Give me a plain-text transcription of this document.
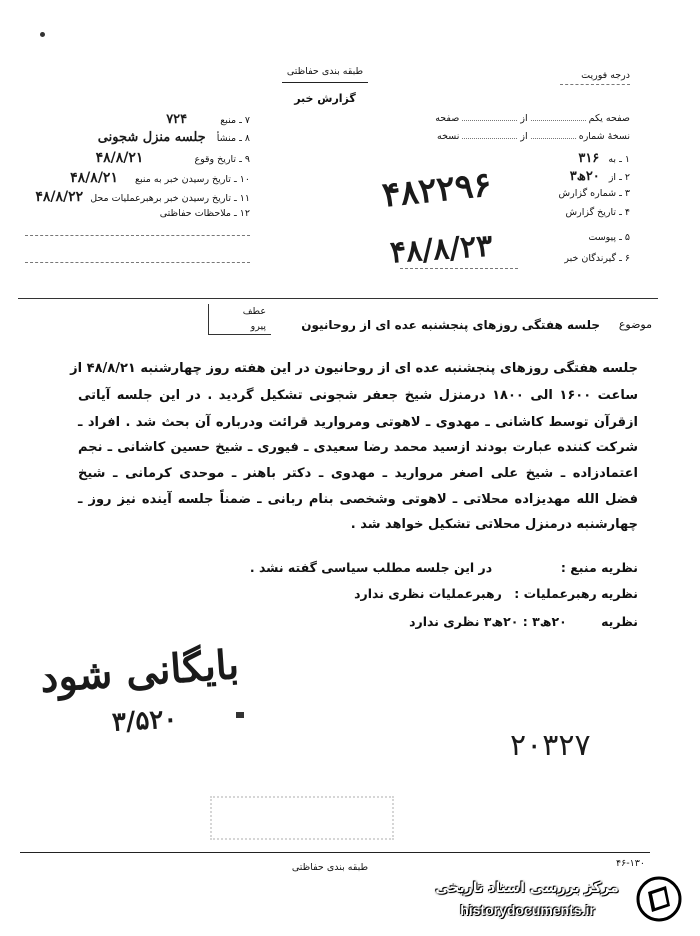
طبقه بندی حفاظتی
گزارش خبر
درجه فوریت
صفحه یکم  از  صفحه
نسخهٔ شماره  از  نسخه
۱ ـ به ۳۱۶
۲ ـ از ۲۰ھ۳
۳ ـ شماره گزارش
۴ ـ تاریخ گزارش
۵ ـ پیوست
۶ ـ گیرندگان خبر
۴۸۲۲۹۶
۴۸/۸/۲۳
۷ ـ منبع ۷۲۴
۸ ـ منشأ جلسه منزل شجونی
۹ ـ تاریخ وقوع ۴۸/۸/۲۱
۱۰ ـ تاریخ رسیدن خبر به منبع ۴۸/۸/۲۱
۱۱ ـ تاریخ رسیدن خبر برهبرعملیات محل ۴۸/۸/۲۲
۱۲ ـ ملاحظات حفاظتی
عطف
پیرو	موضوع
جلسه هفتگی روزهای پنجشنبه عده ای از روحانیون
جلسه هفتگی روزهای پنجشنبه عده ای از روحانیون در این هفته روز چهارشنبه ۴۸/۸/۲۱ از
ساعت ۱۶۰۰ الی ۱۸۰۰ درمنزل شیخ جعفر شجونی تشکیل گردید . در این جلسه آیاتی
ازقرآن توسط کاشانی ـ مهدوی ـ لاهوتی ومروارید قرائت ودرباره آن بحث شد . افراد ـ
شرکت کننده عبارت بودند ازسید محمد رضا سعیدی ـ فیوری ـ شیخ حسین کاشانی ـ نجم
اعتمادزاده ـ شیخ علی اصغر مروارید ـ مهدوی ـ دکتر باهنر ـ موحدی کرمانی ـ شیخ
فضل الله مهدیزاده محلاتی ـ لاهوتی وشخصی بنام ربانی ـ ضمناً جلسه آینده نیز روز ـ
چهارشنبه درمنزل محلاتی تشکیل خواهد شد .
نظریه منبع :  در این جلسه مطلب سیاسی گفته نشد .
نظریه رهبرعملیات : رهبرعملیات نظری ندارد
نظریه ۲۰ھ۳ : ۲۰ھ۳ نظری ندارد
بایگانی شود
۳/۵۲۰
۲۰۳۲۷
۴۶-۱۳۰
طبقه بندی حفاظتی
مرکز بررسی اسناد تاریخی
historydocuments.ir
